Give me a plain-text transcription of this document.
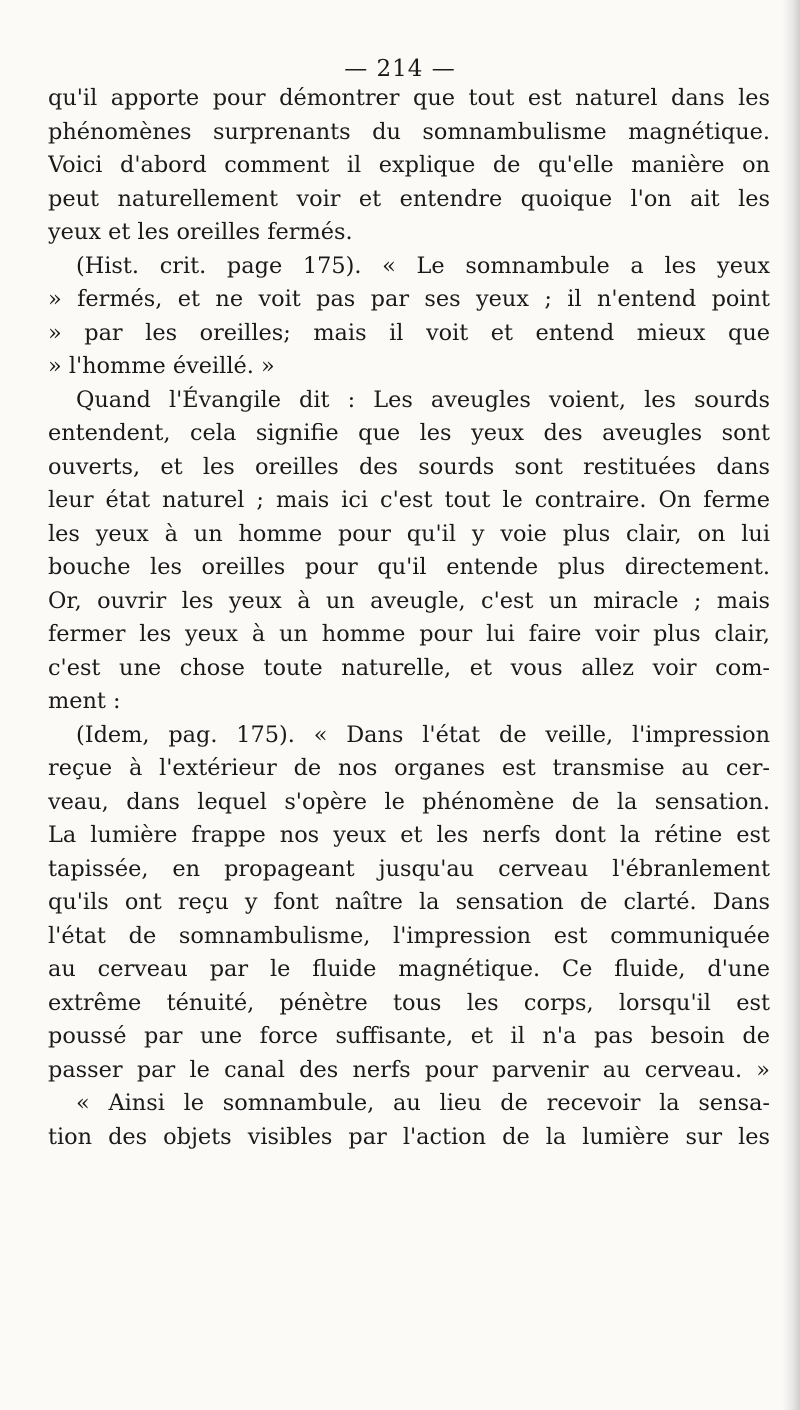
— 214 —
qu'il apporte pour démontrer que tout est naturel dans les
phénomènes surprenants du somnambulisme magnétique.
Voici d'abord comment il explique de qu'elle manière on
peut naturellement voir et entendre quoique l'on ait les
yeux et les oreilles fermés.
(Hist. crit. page 175). « Le somnambule a les yeux
» fermés, et ne voit pas par ses yeux ; il n'entend point
» par les oreilles; mais il voit et entend mieux que
» l'homme éveillé. »
Quand l'Évangile dit : Les aveugles voient, les sourds
entendent, cela signifie que les yeux des aveugles sont
ouverts, et les oreilles des sourds sont restituées dans
leur état naturel ; mais ici c'est tout le contraire. On ferme
les yeux à un homme pour qu'il y voie plus clair, on lui
bouche les oreilles pour qu'il entende plus directement.
Or, ouvrir les yeux à un aveugle, c'est un miracle ; mais
fermer les yeux à un homme pour lui faire voir plus clair,
c'est une chose toute naturelle, et vous allez voir com-
ment :
(Idem, pag. 175). « Dans l'état de veille, l'impression
reçue à l'extérieur de nos organes est transmise au cer-
veau, dans lequel s'opère le phénomène de la sensation.
La lumière frappe nos yeux et les nerfs dont la rétine est
tapissée, en propageant jusqu'au cerveau l'ébranlement
qu'ils ont reçu y font naître la sensation de clarté. Dans
l'état de somnambulisme, l'impression est communiquée
au cerveau par le fluide magnétique. Ce fluide, d'une
extrême ténuité, pénètre tous les corps, lorsqu'il est
poussé par une force suffisante, et il n'a pas besoin de
passer par le canal des nerfs pour parvenir au cerveau. »
« Ainsi le somnambule, au lieu de recevoir la sensa-
tion des objets visibles par l'action de la lumière sur les
